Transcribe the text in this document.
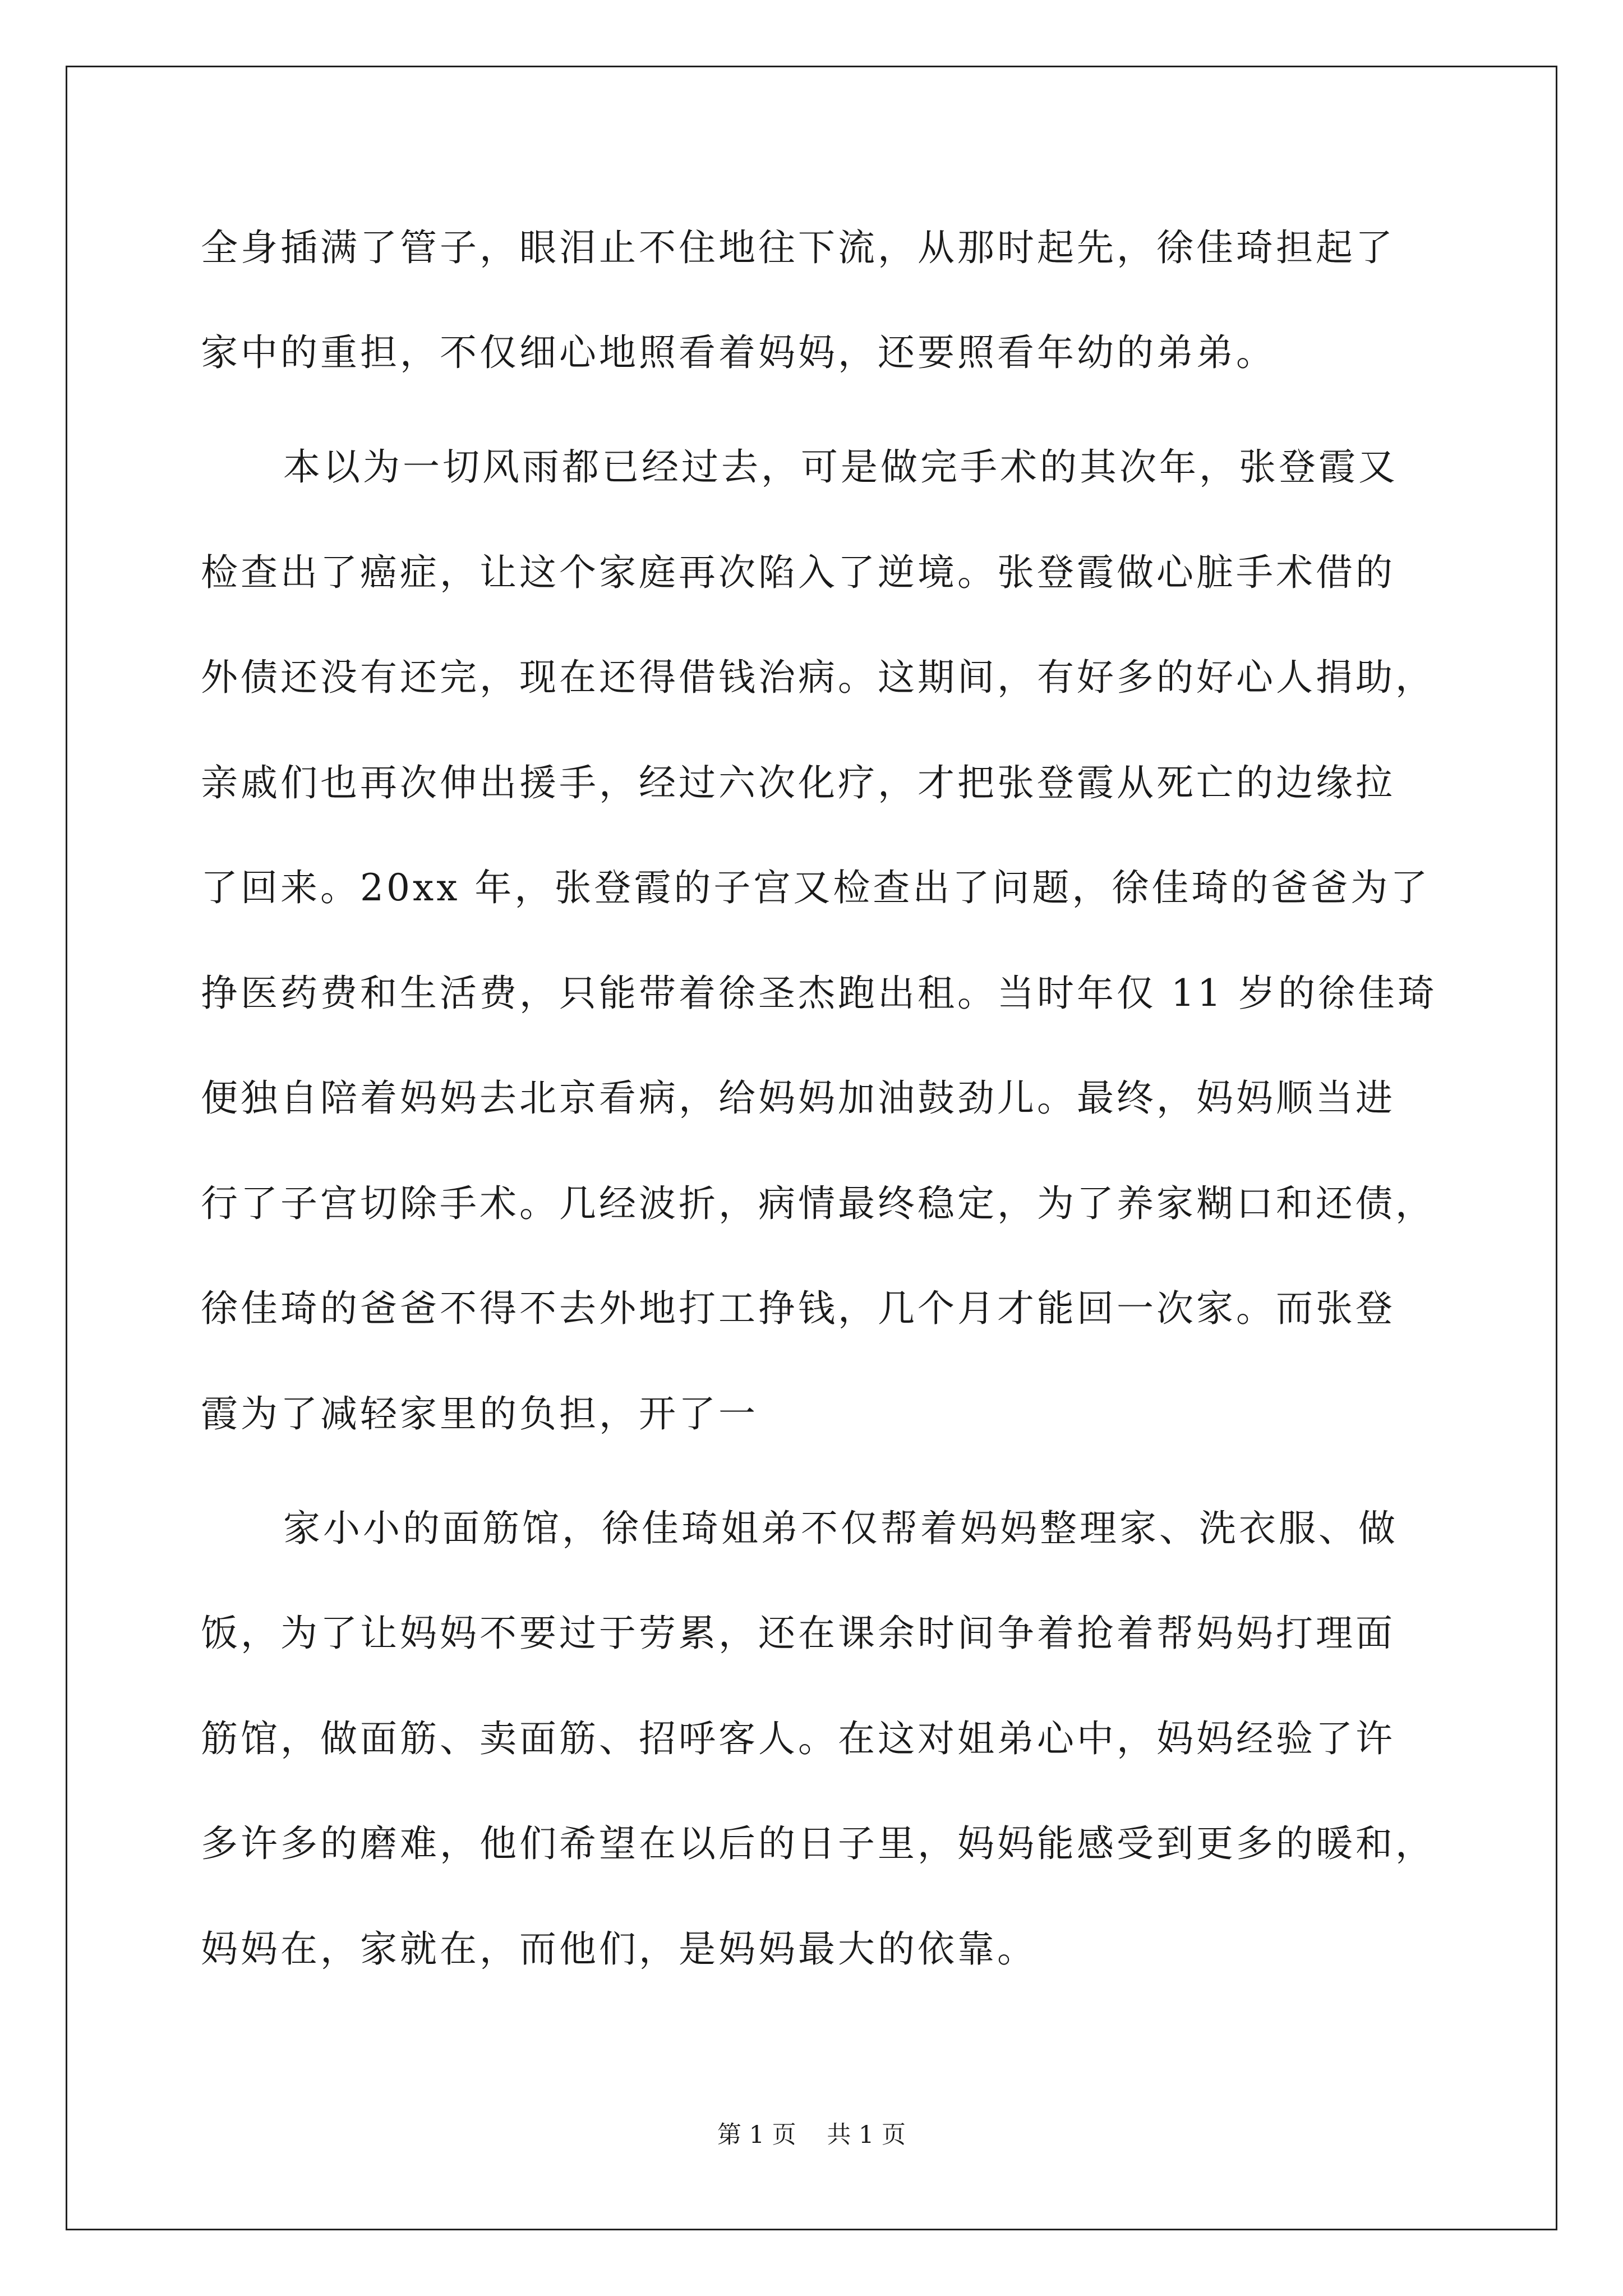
全身插满了管子，眼泪止不住地往下流，从那时起先，徐佳琦担起了
家中的重担，不仅细心地照看着妈妈，还要照看年幼的弟弟。
本以为一切风雨都已经过去，可是做完手术的其次年，张登霞又
检查出了癌症，让这个家庭再次陷入了逆境。张登霞做心脏手术借的
外债还没有还完，现在还得借钱治病。这期间，有好多的好心人捐助，
亲戚们也再次伸出援手，经过六次化疗，才把张登霞从死亡的边缘拉
了回来。20xx 年，张登霞的子宫又检查出了问题，徐佳琦的爸爸为了
挣医药费和生活费，只能带着徐圣杰跑出租。当时年仅 11 岁的徐佳琦
便独自陪着妈妈去北京看病，给妈妈加油鼓劲儿。最终，妈妈顺当进
行了子宫切除手术。几经波折，病情最终稳定，为了养家糊口和还债，
徐佳琦的爸爸不得不去外地打工挣钱，几个月才能回一次家。而张登
霞为了减轻家里的负担，开了一
家小小的面筋馆，徐佳琦姐弟不仅帮着妈妈整理家、洗衣服、做
饭，为了让妈妈不要过于劳累，还在课余时间争着抢着帮妈妈打理面
筋馆，做面筋、卖面筋、招呼客人。在这对姐弟心中，妈妈经验了许
多许多的磨难，他们希望在以后的日子里，妈妈能感受到更多的暖和，
妈妈在，家就在，而他们，是妈妈最大的依靠。
第 1 页    共 1 页
